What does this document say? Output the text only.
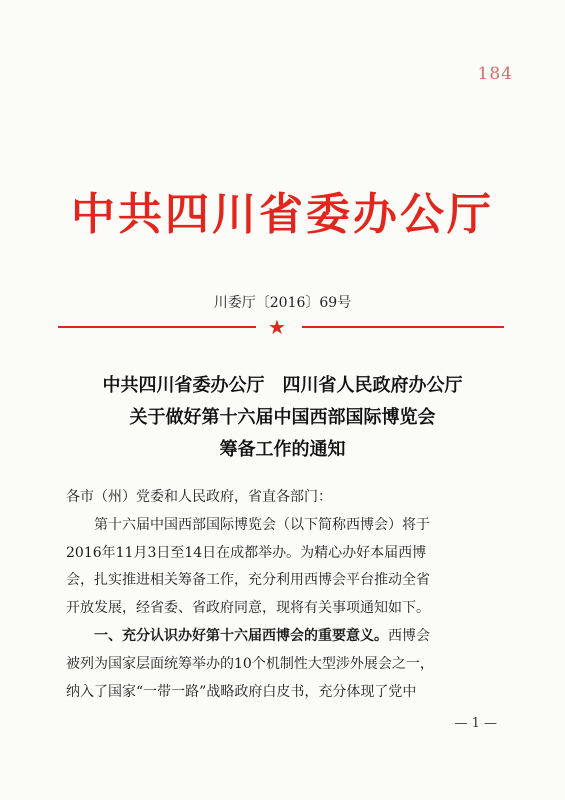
184
中共四川省委办公厅
川委厅〔2016〕69号
★
中共四川省委办公厅　四川省人民政府办公厅
关于做好第十六届中国西部国际博览会
筹备工作的通知

各市（州）党委和人民政府，省直各部门：

第十六届中国西部国际博览会（以下简称西博会）将于

2016年11月3日至14日在成都举办。为精心办好本届西博

会，扎实推进相关筹备工作，充分利用西博会平台推动全省

开放发展，经省委、省政府同意，现将有关事项通知如下。

一、充分认识办好第十六届西博会的重要意义。西博会

被列为国家层面统筹举办的10个机制性大型涉外展会之一，

纳入了国家“一带一路”战略政府白皮书，充分体现了党中

— 1 —
